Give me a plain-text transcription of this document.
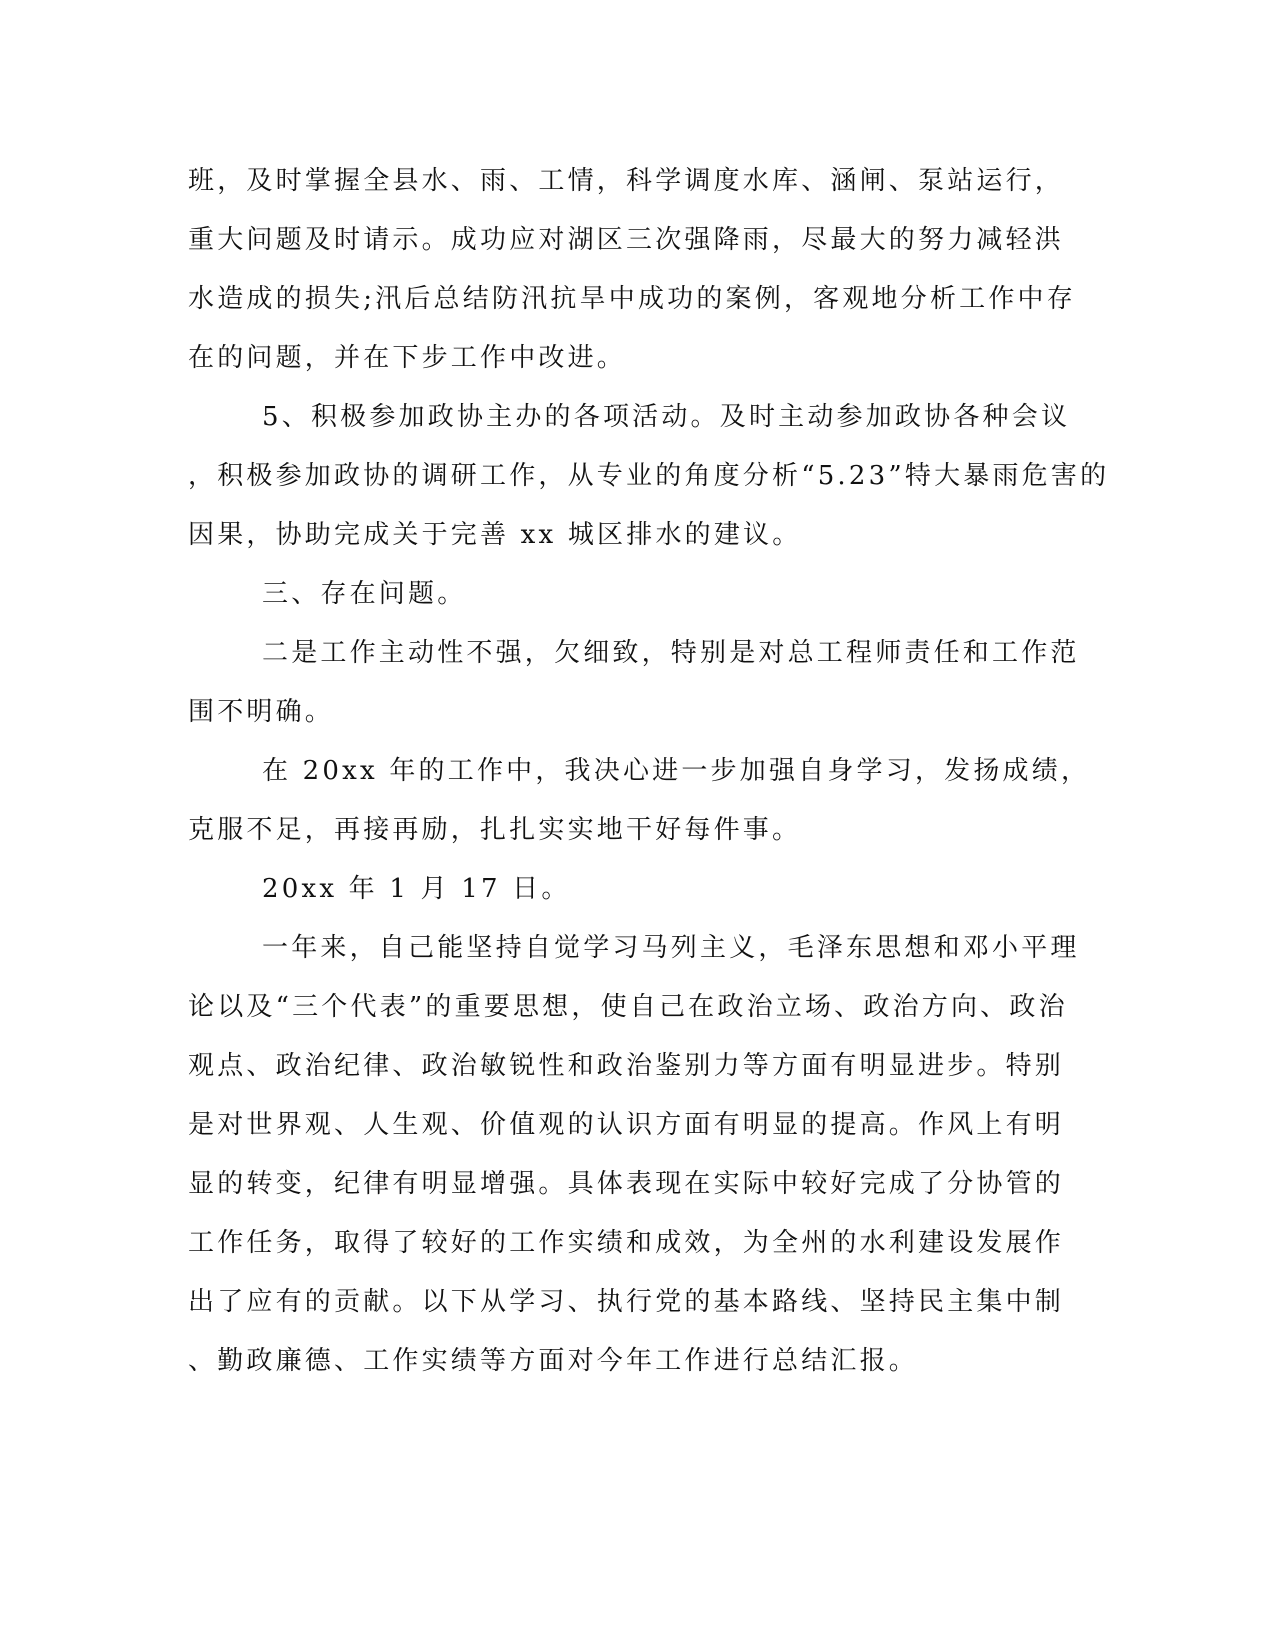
班，及时掌握全县水、雨、工情，科学调度水库、涵闸、泵站运行，

重大问题及时请示。成功应对湖区三次强降雨，尽最大的努力减轻洪

水造成的损失;汛后总结防汛抗旱中成功的案例，客观地分析工作中存

在的问题，并在下步工作中改进。

5、积极参加政协主办的各项活动。及时主动参加政协各种会议

，积极参加政协的调研工作，从专业的角度分析“5.23”特大暴雨危害的

因果，协助完成关于完善 xx 城区排水的建议。

三、存在问题。

二是工作主动性不强，欠细致，特别是对总工程师责任和工作范

围不明确。

在 20xx 年的工作中，我决心进一步加强自身学习，发扬成绩，

克服不足，再接再励，扎扎实实地干好每件事。

20xx 年 1 月 17 日。

一年来，自己能坚持自觉学习马列主义，毛泽东思想和邓小平理

论以及“三个代表”的重要思想，使自己在政治立场、政治方向、政治

观点、政治纪律、政治敏锐性和政治鉴别力等方面有明显进步。特别

是对世界观、人生观、价值观的认识方面有明显的提高。作风上有明

显的转变，纪律有明显增强。具体表现在实际中较好完成了分协管的

工作任务，取得了较好的工作实绩和成效，为全州的水利建设发展作

出了应有的贡献。以下从学习、执行党的基本路线、坚持民主集中制

、勤政廉德、工作实绩等方面对今年工作进行总结汇报。
